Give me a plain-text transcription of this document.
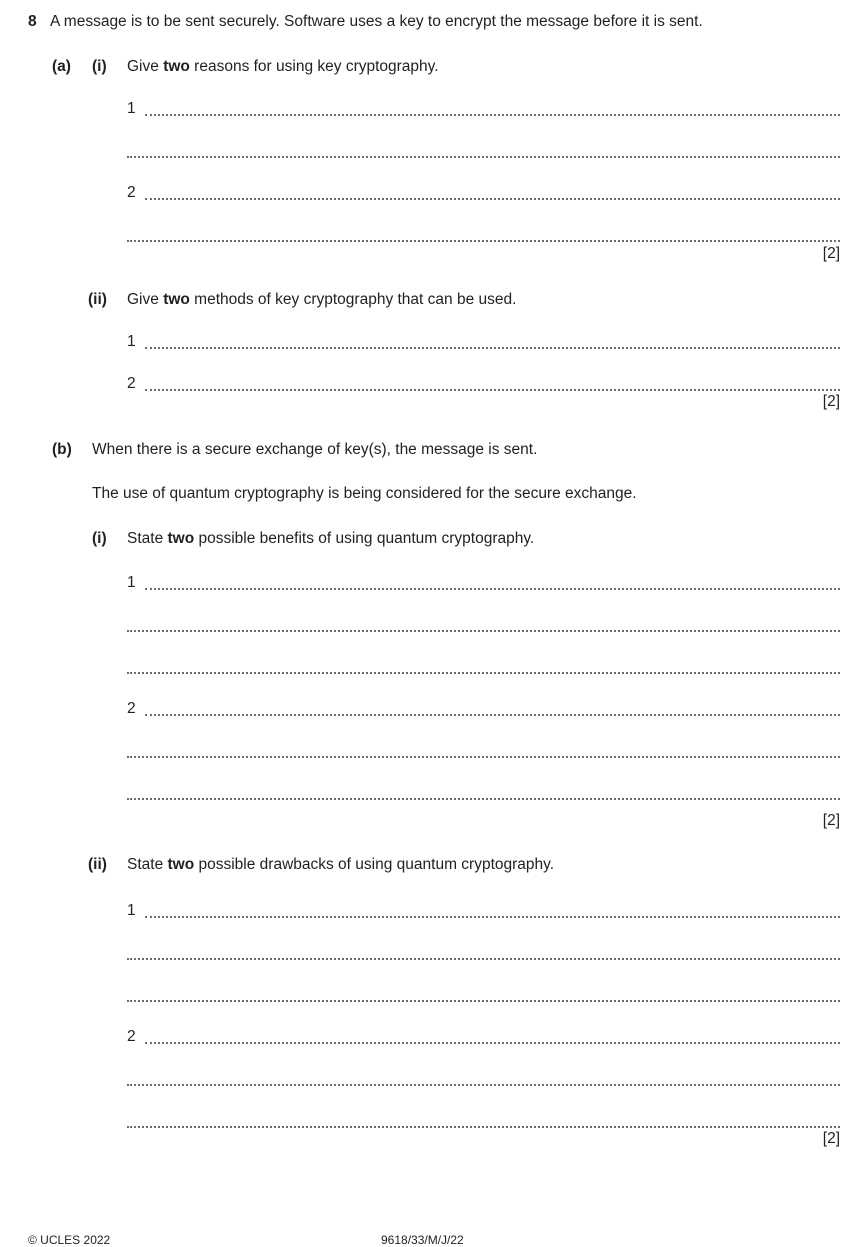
8 A message is to be sent securely. Software uses a key to encrypt the message before it is sent.
(a) (i) Give two reasons for using key cryptography.
1
2
[2]
(ii) Give two methods of key cryptography that can be used.
1
2
[2]
(b) When there is a secure exchange of key(s), the message is sent.
The use of quantum cryptography is being considered for the secure exchange.
(i) State two possible benefits of using quantum cryptography.
1
2
[2]
(ii) State two possible drawbacks of using quantum cryptography.
1
2
[2]
© UCLES 2022	9618/33/M/J/22
